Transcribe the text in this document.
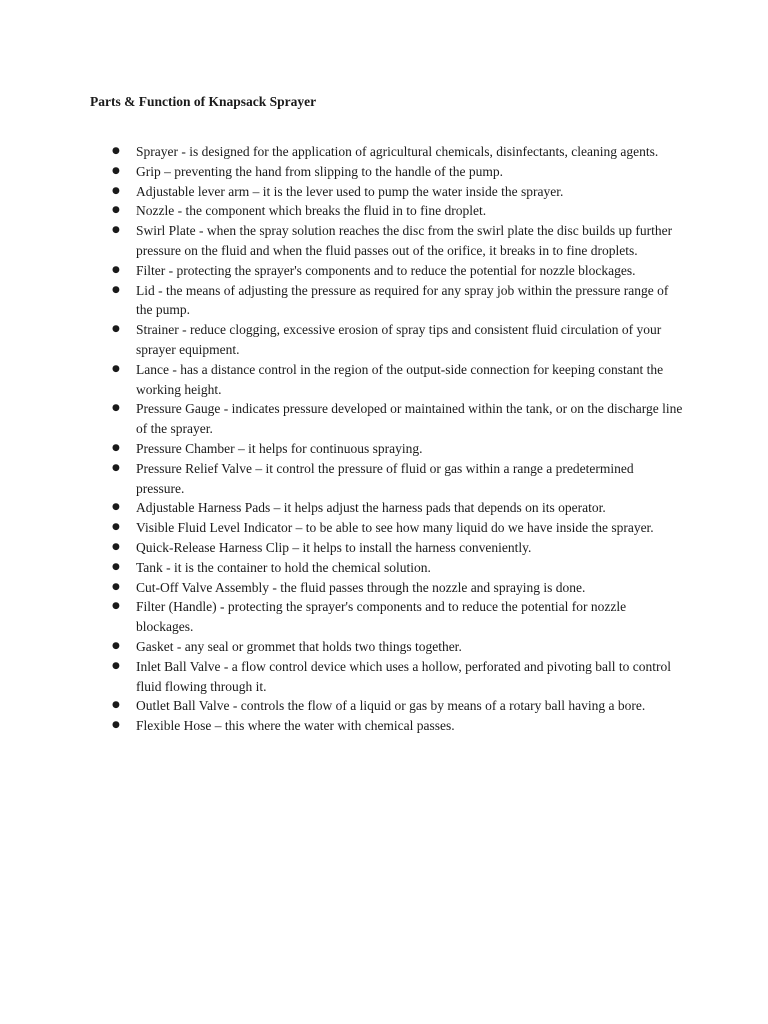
Parts & Function of Knapsack Sprayer
● Sprayer - is designed for the application of agricultural chemicals, disinfectants, cleaning agents.
● Grip – preventing the hand from slipping to the handle of the pump.
● Adjustable lever arm – it is the lever used to pump the water inside the sprayer.
● Nozzle - the component which breaks the fluid in to fine droplet.
● Swirl Plate - when the spray solution reaches the disc from the swirl plate the disc builds up further pressure on the fluid and when the fluid passes out of the orifice, it breaks in to fine droplets.
● Filter - protecting the sprayer's components and to reduce the potential for nozzle blockages.
● Lid - the means of adjusting the pressure as required for any spray job within the pressure range of the pump.
● Strainer - reduce clogging, excessive erosion of spray tips and consistent fluid circulation of your sprayer equipment.
● Lance - has a distance control in the region of the output-side connection for keeping constant the working height.
● Pressure Gauge - indicates pressure developed or maintained within the tank, or on the discharge line of the sprayer.
● Pressure Chamber – it helps for continuous spraying.
● Pressure Relief Valve – it control the pressure of fluid or gas within a range a predetermined pressure.
● Adjustable Harness Pads – it helps adjust the harness pads that depends on its operator.
● Visible Fluid Level Indicator – to be able to see how many liquid do we have inside the sprayer.
● Quick-Release Harness Clip – it helps to install the harness conveniently.
● Tank - it is the container to hold the chemical solution.
● Cut-Off Valve Assembly - the fluid passes through the nozzle and spraying is done.
● Filter (Handle) - protecting the sprayer's components and to reduce the potential for nozzle blockages.
● Gasket - any seal or grommet that holds two things together.
● Inlet Ball Valve - a flow control device which uses a hollow, perforated and pivoting ball to control fluid flowing through it.
● Outlet Ball Valve - controls the flow of a liquid or gas by means of a rotary ball having a bore.
● Flexible Hose – this where the water with chemical passes.
